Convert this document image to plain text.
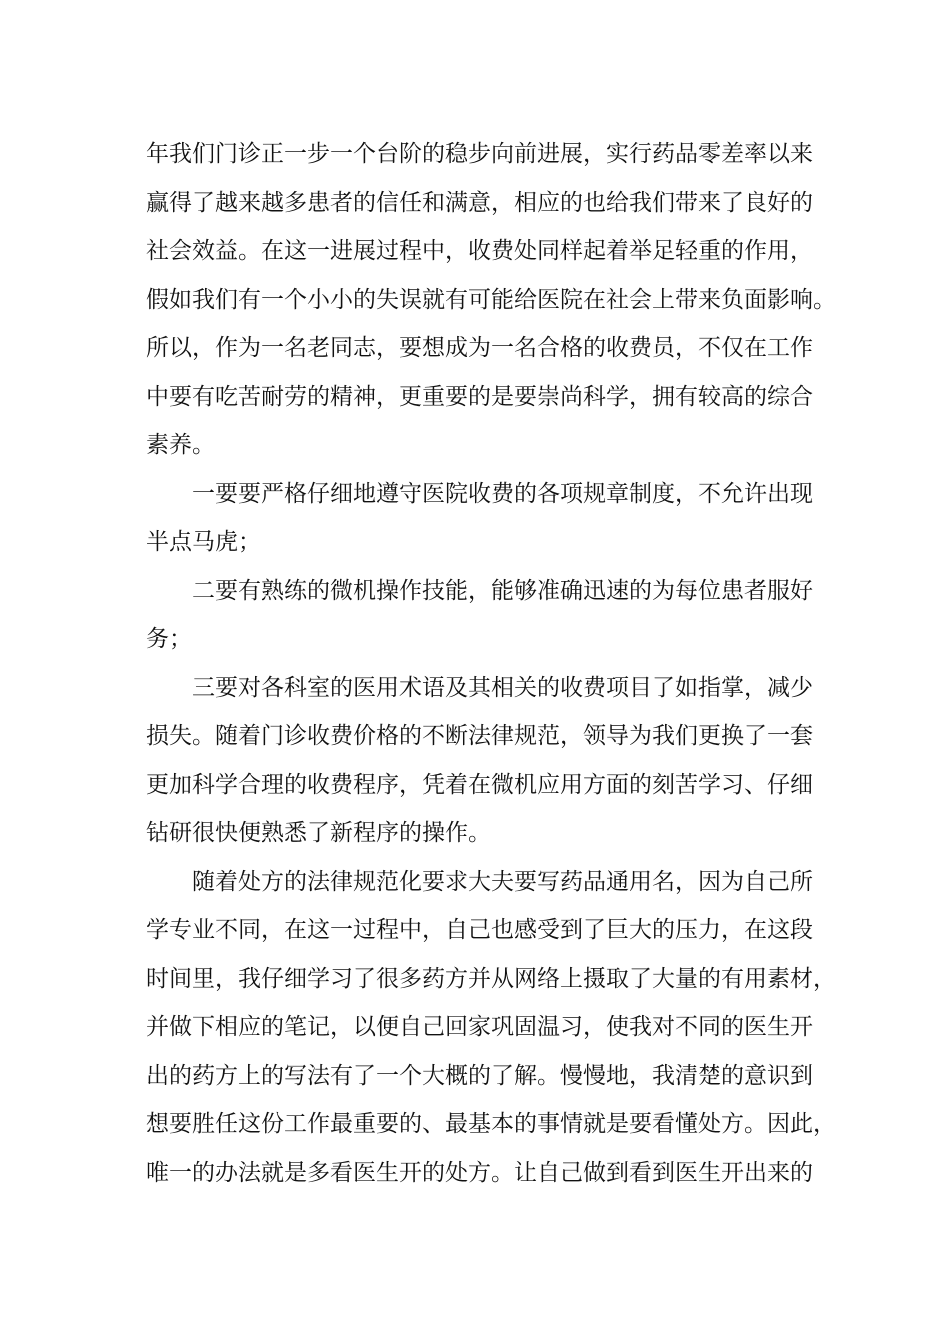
年我们门诊正一步一个台阶的稳步向前进展，实行药品零差率以来
赢得了越来越多患者的信任和满意，相应的也给我们带来了良好的
社会效益。在这一进展过程中，收费处同样起着举足轻重的作用，
假如我们有一个小小的失误就有可能给医院在社会上带来负面影响。
所以，作为一名老同志，要想成为一名合格的收费员，不仅在工作
中要有吃苦耐劳的精神，更重要的是要崇尚科学，拥有较高的综合
素养。
一要要严格仔细地遵守医院收费的各项规章制度，不允许出现
半点马虎；
二要有熟练的微机操作技能，能够准确迅速的为每位患者服好
务；
三要对各科室的医用术语及其相关的收费项目了如指掌，减少
损失。随着门诊收费价格的不断法律规范，领导为我们更换了一套
更加科学合理的收费程序，凭着在微机应用方面的刻苦学习、仔细
钻研很快便熟悉了新程序的操作。
随着处方的法律规范化要求大夫要写药品通用名，因为自己所
学专业不同，在这一过程中，自己也感受到了巨大的压力，在这段
时间里，我仔细学习了很多药方并从网络上摄取了大量的有用素材，
并做下相应的笔记，以便自己回家巩固温习，使我对不同的医生开
出的药方上的写法有了一个大概的了解。慢慢地，我清楚的意识到
想要胜任这份工作最重要的、最基本的事情就是要看懂处方。因此，
唯一的办法就是多看医生开的处方。让自己做到看到医生开出来的
